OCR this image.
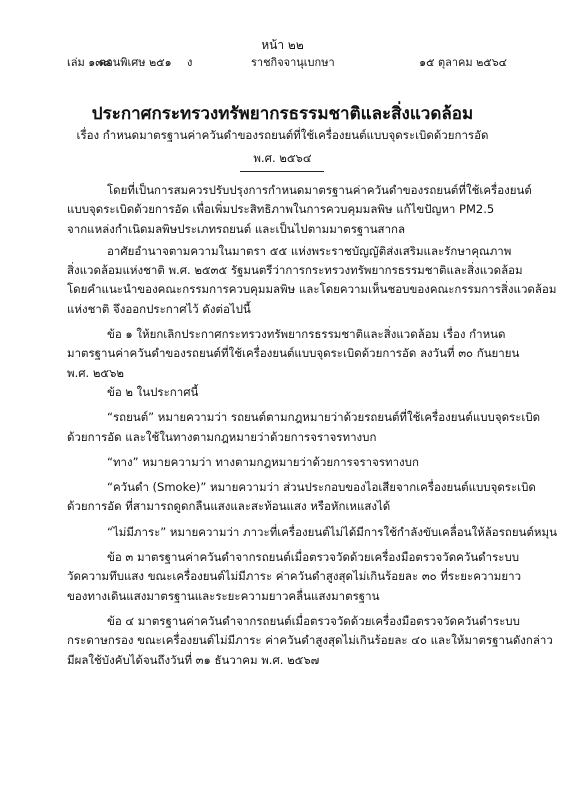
หน้า ๒๒
เล่ม ๑๓๘
ตอนพิเศษ ๒๕๑ ง	ราชกิจจานุเบกษา	๑๕ ตุลาคม ๒๕๖๔
ประกาศกระทรวงทรัพยากรธรรมชาติและสิ่งแวดล้อม
เรื่อง กำหนดมาตรฐานค่าควันดำของรถยนต์ที่ใช้เครื่องยนต์แบบจุดระเบิดด้วยการอัด
พ.ศ. ๒๕๖๔
โดยที่เป็นการสมควรปรับปรุงการกำหนดมาตรฐานค่าควันดำของรถยนต์ที่ใช้เครื่องยนต์
แบบจุดระเบิดด้วยการอัด เพื่อเพิ่มประสิทธิภาพในการควบคุมมลพิษ แก้ไขปัญหา PM2.5
จากแหล่งกำเนิดมลพิษประเภทรถยนต์ และเป็นไปตามมาตรฐานสากล
อาศัยอำนาจตามความในมาตรา ๕๕ แห่งพระราชบัญญัติส่งเสริมและรักษาคุณภาพ
สิ่งแวดล้อมแห่งชาติ พ.ศ. ๒๕๓๕ รัฐมนตรีว่าการกระทรวงทรัพยากรธรรมชาติและสิ่งแวดล้อม
โดยคำแนะนำของคณะกรรมการควบคุมมลพิษ และโดยความเห็นชอบของคณะกรรมการสิ่งแวดล้อม
แห่งชาติ จึงออกประกาศไว้ ดังต่อไปนี้
ข้อ ๑ ให้ยกเลิกประกาศกระทรวงทรัพยากรธรรมชาติและสิ่งแวดล้อม เรื่อง กำหนด
มาตรฐานค่าควันดำของรถยนต์ที่ใช้เครื่องยนต์แบบจุดระเบิดด้วยการอัด ลงวันที่ ๓๐ กันยายน
พ.ศ. ๒๕๖๒
ข้อ ๒ ในประกาศนี้
“รถยนต์” หมายความว่า รถยนต์ตามกฎหมายว่าด้วยรถยนต์ที่ใช้เครื่องยนต์แบบจุดระเบิด
ด้วยการอัด และใช้ในทางตามกฎหมายว่าด้วยการจราจรทางบก
“ทาง” หมายความว่า ทางตามกฎหมายว่าด้วยการจราจรทางบก
“ควันดำ (Smoke)” หมายความว่า ส่วนประกอบของไอเสียจากเครื่องยนต์แบบจุดระเบิด
ด้วยการอัด ที่สามารถดูดกลืนแสงและสะท้อนแสง หรือหักเหแสงได้
“ไม่มีภาระ” หมายความว่า ภาวะที่เครื่องยนต์ไม่ได้มีการใช้กำลังขับเคลื่อนให้ล้อรถยนต์หมุน
ข้อ ๓ มาตรฐานค่าควันดำจากรถยนต์เมื่อตรวจวัดด้วยเครื่องมือตรวจวัดควันดำระบบ
วัดความทึบแสง ขณะเครื่องยนต์ไม่มีภาระ ค่าควันดำสูงสุดไม่เกินร้อยละ ๓๐ ที่ระยะความยาว
ของทางเดินแสงมาตรฐานและระยะความยาวคลื่นแสงมาตรฐาน
ข้อ ๔ มาตรฐานค่าควันดำจากรถยนต์เมื่อตรวจวัดด้วยเครื่องมือตรวจวัดควันดำระบบ
กระดาษกรอง ขณะเครื่องยนต์ไม่มีภาระ ค่าควันดำสูงสุดไม่เกินร้อยละ ๔๐ และให้มาตรฐานดังกล่าว
มีผลใช้บังคับได้จนถึงวันที่ ๓๑ ธันวาคม พ.ศ. ๒๕๖๗
